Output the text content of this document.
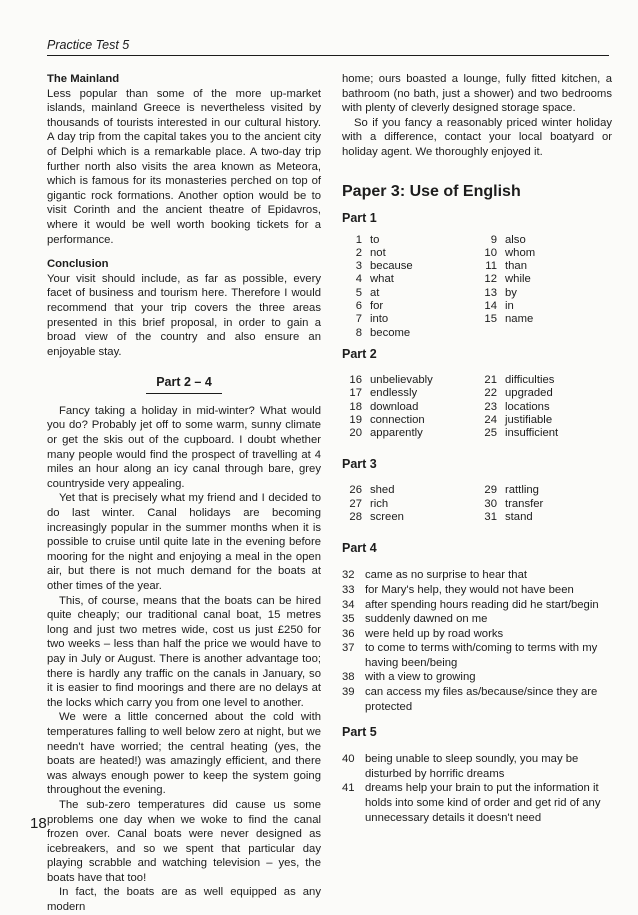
Practice Test 5
The Mainland

Less popular than some of the more up-market islands, mainland Greece is nevertheless visited by thousands of tourists interested in our cultural history. A day trip from the capital takes you to the ancient city of Delphi which is a remarkable place. A two-day trip further north also visits the area known as Meteora, which is famous for its monasteries perched on top of gigantic rock formations. Another option would be to visit Corinth and the ancient theatre of Epidavros, where it would be well worth booking tickets for a performance.

Conclusion

Your visit should include, as far as possible, every facet of business and tourism here. Therefore I would recommend that your trip covers the three areas presented in this brief proposal, in order to gain a broad view of the country and also ensure an enjoyable stay.

Part 2 – 4

Fancy taking a holiday in mid-winter? What would you do? Probably jet off to some warm, sunny climate or get the skis out of the cupboard. I doubt whether many people would find the prospect of travelling at 4 miles an hour along an icy canal through bare, grey countryside very appealing.

Yet that is precisely what my friend and I decided to do last winter. Canal holidays are becoming increasingly popular in the summer months when it is possible to cruise until quite late in the evening before mooring for the night and enjoying a meal in the open air, but there is not much demand for the boats at other times of the year.

This, of course, means that the boats can be hired quite cheaply; our traditional canal boat, 15 metres long and just two metres wide, cost us just £250 for two weeks – less than half the price we would have to pay in July or August. There is another advantage too; there is hardly any traffic on the canals in January, so it is easier to find moorings and there are no delays at the locks which carry you from one level to another.

We were a little concerned about the cold with temperatures falling to well below zero at night, but we needn't have worried; the central heating (yes, the boats are heated!) was amazingly efficient, and there was always enough power to keep the system going throughout the evening.

The sub-zero temperatures did cause us some problems one day when we woke to find the canal frozen over. Canal boats were never designed as icebreakers, and so we spent that particular day playing scrabble and watching television – yes, the boats have that too!

In fact, the boats are as well equipped as any modern

home; ours boasted a lounge, fully fitted kitchen, a bathroom (no bath, just a shower) and two bedrooms with plenty of cleverly designed storage space.

So if you fancy a reasonably priced winter holiday with a difference, contact your local boatyard or holiday agent. We thoroughly enjoyed it.

Paper 3: Use of English
Part 1
1 to
2 not
3 because
4 what
5 at
6 for
7 into
8 become
9 also
10 whom
11 than
12 while
13 by
14 in
15 name
Part 2
16 unbelievably
17 endlessly
18 download
19 connection
20 apparently
21 difficulties
22 upgraded
23 locations
24 justifiable
25 insufficient
Part 3
26 shed
27 rich
28 screen
29 rattling
30 transfer
31 stand
Part 4
32 came as no surprise to hear that
33 for Mary's help, they would not have been
34 after spending hours reading did he start/begin
35 suddenly dawned on me
36 were held up by road works
37 to come to terms with/coming to terms with my having been/being
38 with a view to growing
39 can access my files as/because/since they are protected
Part 5
40 being unable to sleep soundly, you may be disturbed by horrific dreams
41 dreams help your brain to put the information it holds into some kind of order and get rid of any unnecessary details it doesn't need
18
